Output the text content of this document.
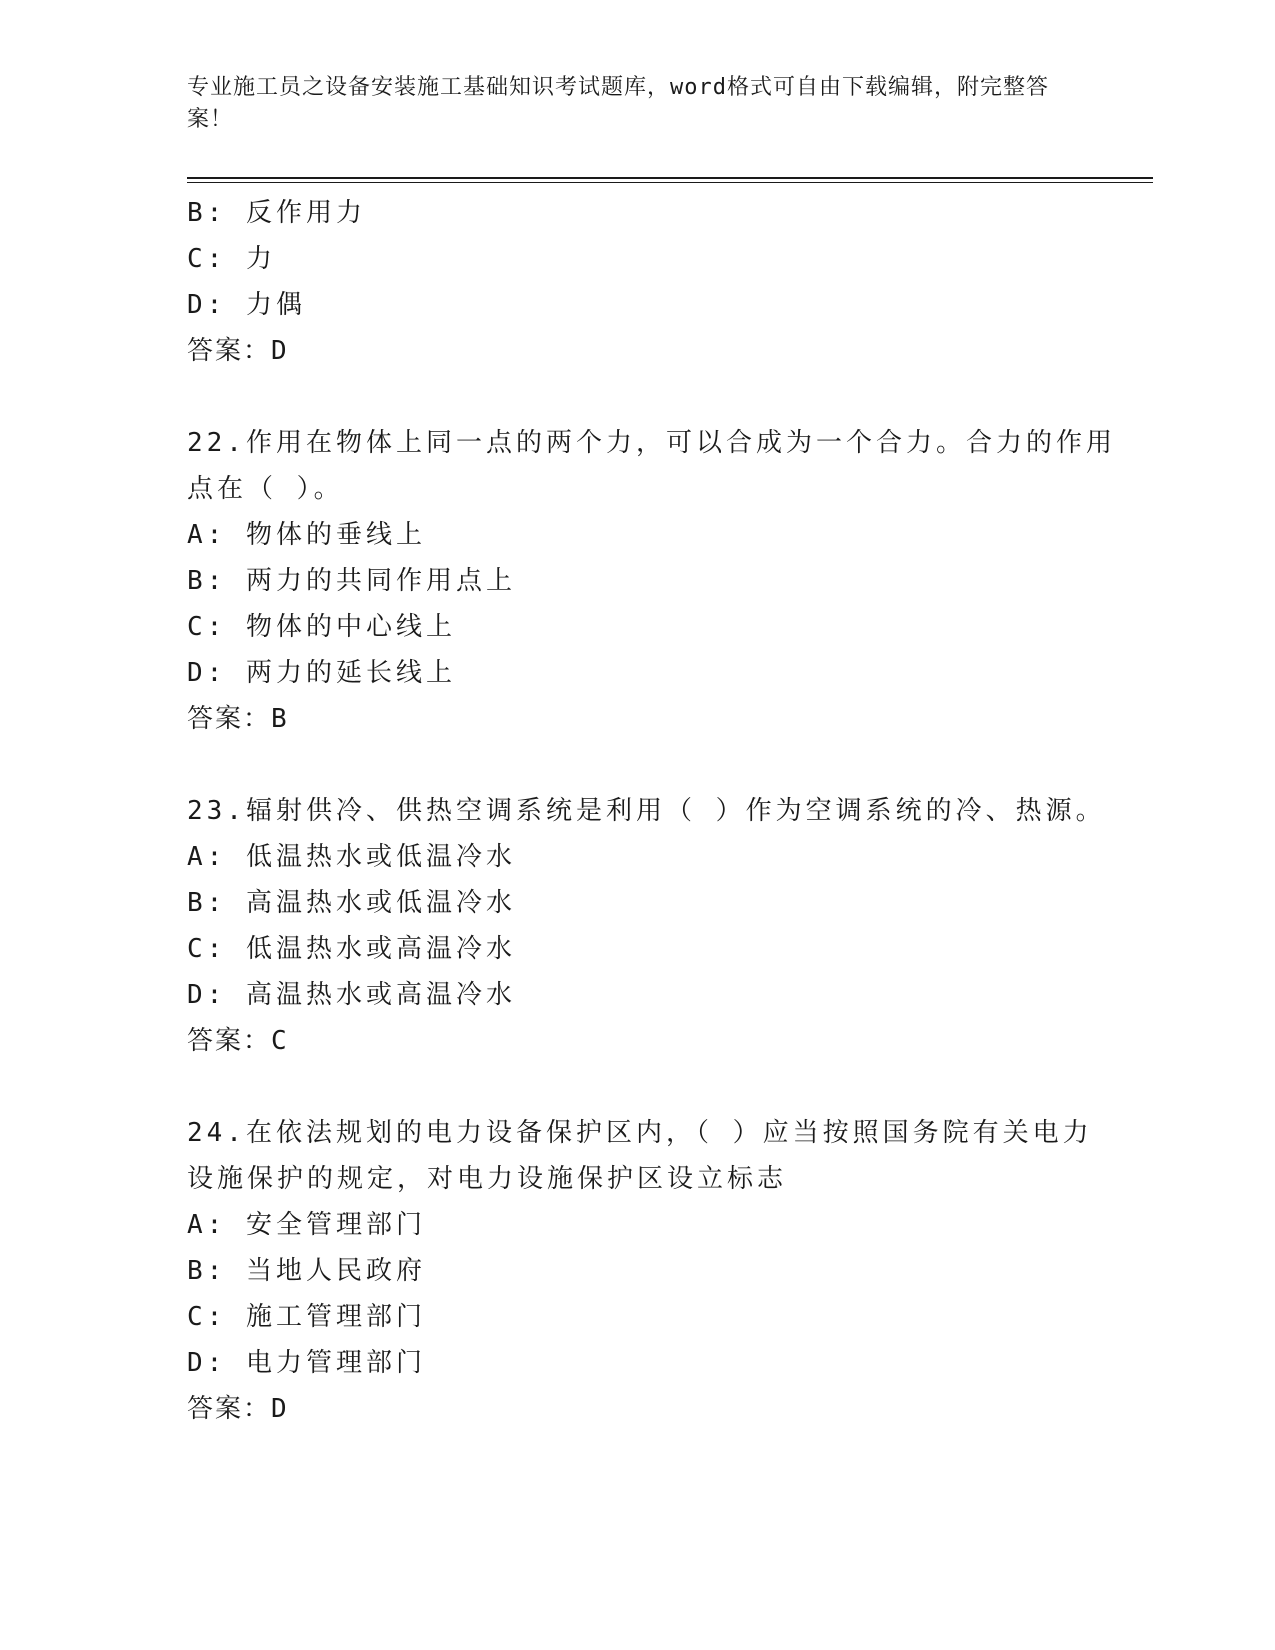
专业施工员之设备安装施工基础知识考试题库，word格式可自由下载编辑，附完整答案！
B: 反作用力
C: 力
D: 力偶
答案：D
22.作用在物体上同一点的两个力，可以合成为一个合力。合力的作用
点在（ ）。
A: 物体的垂线上
B: 两力的共同作用点上
C: 物体的中心线上
D: 两力的延长线上
答案：B
23.辐射供冷、供热空调系统是利用（ ）作为空调系统的冷、热源。
A: 低温热水或低温冷水
B: 高温热水或低温冷水
C: 低温热水或高温冷水
D: 高温热水或高温冷水
答案：C
24.在依法规划的电力设备保护区内，（ ）应当按照国务院有关电力
设施保护的规定，对电力设施保护区设立标志
A: 安全管理部门
B: 当地人民政府
C: 施工管理部门
D: 电力管理部门
答案：D
